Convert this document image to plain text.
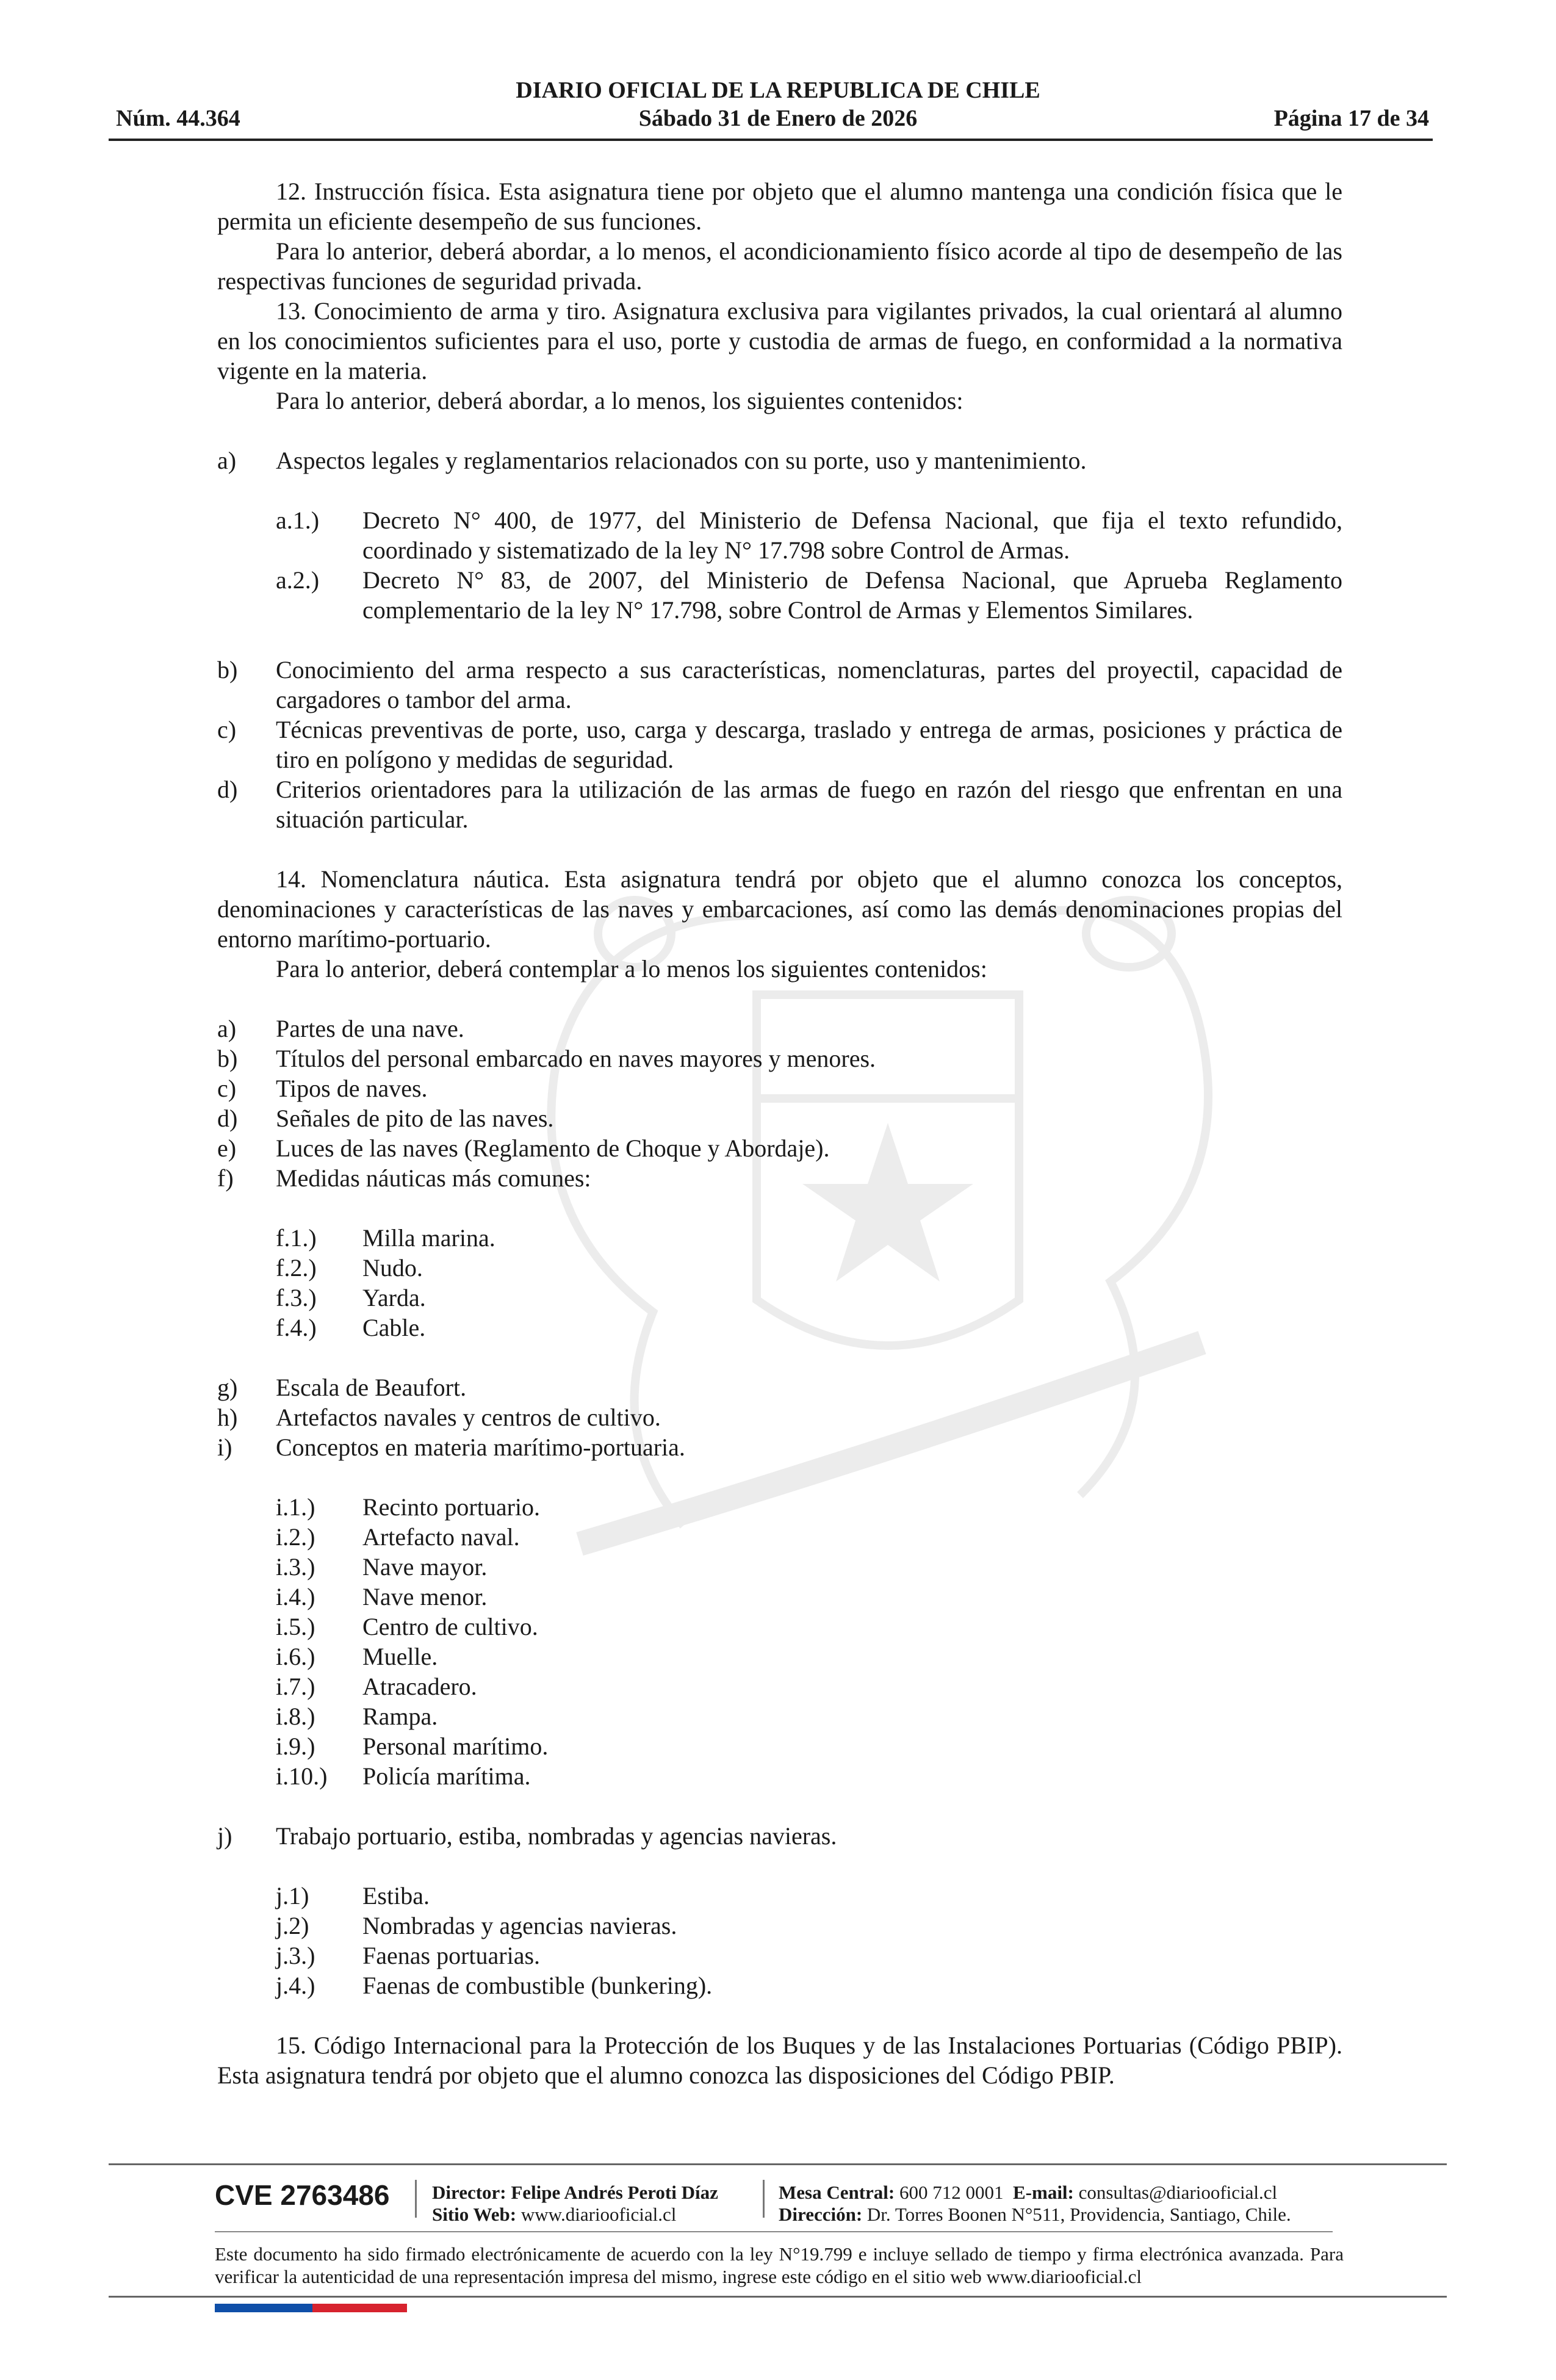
DIARIO OFICIAL DE LA REPUBLICA DE CHILE
Sábado 31 de Enero de 2026
Núm. 44.364	Página 17 de 34
12. Instrucción física. Esta asignatura tiene por objeto que el alumno mantenga una condición física que le permita un eficiente desempeño de sus funciones.
Para lo anterior, deberá abordar, a lo menos, el acondicionamiento físico acorde al tipo de desempeño de las respectivas funciones de seguridad privada.
13. Conocimiento de arma y tiro. Asignatura exclusiva para vigilantes privados, la cual orientará al alumno en los conocimientos suficientes para el uso, porte y custodia de armas de fuego, en conformidad a la normativa vigente en la materia.
Para lo anterior, deberá abordar, a lo menos, los siguientes contenidos:
a)	Aspectos legales y reglamentarios relacionados con su porte, uso y mantenimiento.
a.1.)	Decreto N° 400, de 1977, del Ministerio de Defensa Nacional, que fija el texto refundido, coordinado y sistematizado de la ley N° 17.798 sobre Control de Armas.
a.2.)	Decreto N° 83, de 2007, del Ministerio de Defensa Nacional, que Aprueba Reglamento complementario de la ley N° 17.798, sobre Control de Armas y Elementos Similares.
b)	Conocimiento del arma respecto a sus características, nomenclaturas, partes del proyectil, capacidad de cargadores o tambor del arma.
c)	Técnicas preventivas de porte, uso, carga y descarga, traslado y entrega de armas, posiciones y práctica de tiro en polígono y medidas de seguridad.
d)	Criterios orientadores para la utilización de las armas de fuego en razón del riesgo que enfrentan en una situación particular.
14. Nomenclatura náutica. Esta asignatura tendrá por objeto que el alumno conozca los conceptos, denominaciones y características de las naves y embarcaciones, así como las demás denominaciones propias del entorno marítimo-portuario.
Para lo anterior, deberá contemplar a lo menos los siguientes contenidos:
a)	Partes de una nave.
b)	Títulos del personal embarcado en naves mayores y menores.
c)	Tipos de naves.
d)	Señales de pito de las naves.
e)	Luces de las naves (Reglamento de Choque y Abordaje).
f)	Medidas náuticas más comunes:
f.1.)	Milla marina.
f.2.)	Nudo.
f.3.)	Yarda.
f.4.)	Cable.
g)	Escala de Beaufort.
h)	Artefactos navales y centros de cultivo.
i)	Conceptos en materia marítimo-portuaria.
i.1.)	Recinto portuario.
i.2.)	Artefacto naval.
i.3.)	Nave mayor.
i.4.)	Nave menor.
i.5.)	Centro de cultivo.
i.6.)	Muelle.
i.7.)	Atracadero.
i.8.)	Rampa.
i.9.)	Personal marítimo.
i.10.)	Policía marítima.
j)	Trabajo portuario, estiba, nombradas y agencias navieras.
j.1)	Estiba.
j.2)	Nombradas y agencias navieras.
j.3.)	Faenas portuarias.
j.4.)	Faenas de combustible (bunkering).
15. Código Internacional para la Protección de los Buques y de las Instalaciones Portuarias (Código PBIP). Esta asignatura tendrá por objeto que el alumno conozca las disposiciones del Código PBIP.
CVE 2763486 Director: Felipe Andrés Peroti Díaz
Sitio Web: www.diariooficial.cl
Mesa Central: 600 712 0001 E-mail: consultas@diariooficial.cl
Dirección: Dr. Torres Boonen N°511, Providencia, Santiago, Chile.
Este documento ha sido firmado electrónicamente de acuerdo con la ley N°19.799 e incluye sellado de tiempo y firma electrónica avanzada. Para verificar la autenticidad de una representación impresa del mismo, ingrese este código en el sitio web www.diariooficial.cl
